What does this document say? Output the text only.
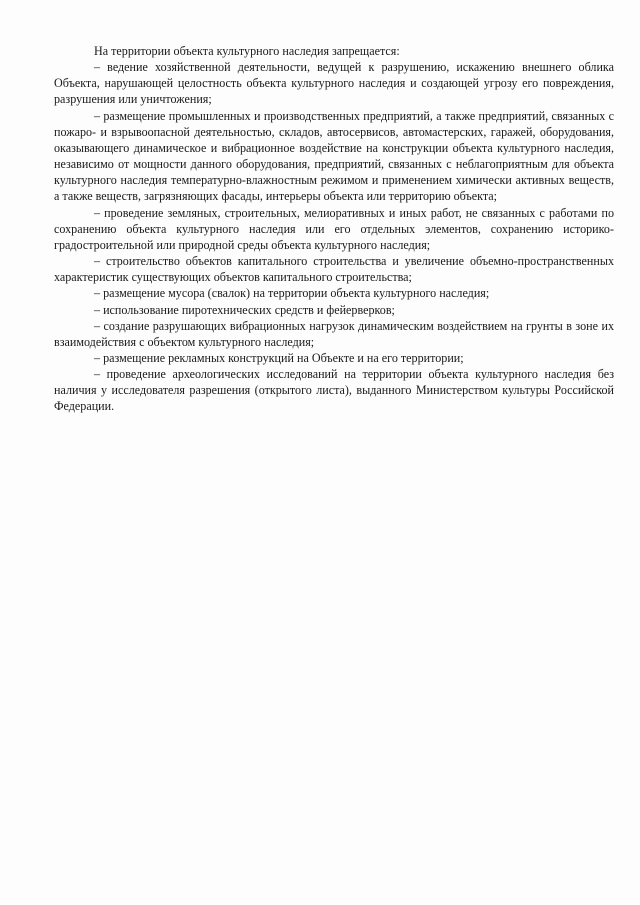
На территории объекта культурного наследия запрещается:

– ведение хозяйственной деятельности, ведущей к разрушению, искажению внешнего облика Объекта, нарушающей целостность объекта культурного наследия и создающей угрозу его повреждения, разрушения или уничтожения;

– размещение промышленных и производственных предприятий, а также предприятий, связанных с пожаро- и взрывоопасной деятельностью, складов, автосервисов, автомастерских, гаражей, оборудования, оказывающего динамическое и вибрационное воздействие на конструкции объекта культурного наследия, независимо от мощности данного оборудования, предприятий, связанных с неблагоприятным для объекта культурного наследия температурно-влажностным режимом и применением химически активных веществ, а также веществ, загрязняющих фасады, интерьеры объекта или территорию объекта;

– проведение земляных, строительных, мелиоративных и иных работ, не связанных с работами по сохранению объекта культурного наследия или его отдельных элементов, сохранению историко-градостроительной или природной среды объекта культурного наследия;

– строительство объектов капитального строительства и увеличение объемно-пространственных характеристик существующих объектов капитального строительства;

– размещение мусора (свалок) на территории объекта культурного наследия;

– использование пиротехнических средств и фейерверков;

– создание разрушающих вибрационных нагрузок динамическим воздействием на грунты в зоне их взаимодействия с объектом культурного наследия;

– размещение рекламных конструкций на Объекте и на его территории;

– проведение археологических исследований на территории объекта культурного наследия без наличия у исследователя разрешения (открытого листа), выданного Министерством культуры Российской Федерации.
